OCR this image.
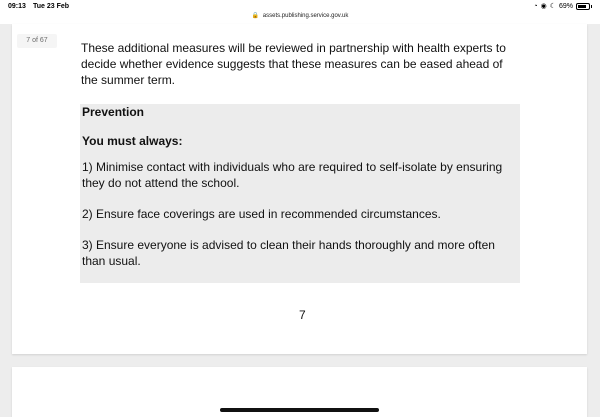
09:13 Tue 23 Feb	◔ ◉ ☾ 69%
🔒 assets.publishing.service.gov.uk
7 of 67

These additional measures will be reviewed in partnership with health experts to decide whether evidence suggests that these measures can be eased ahead of the summer term.

Prevention
You must always:
1) Minimise contact with individuals who are required to self-isolate by ensuring they do not attend the school.
2) Ensure face coverings are used in recommended circumstances.
3) Ensure everyone is advised to clean their hands thoroughly and more often than usual.
7
